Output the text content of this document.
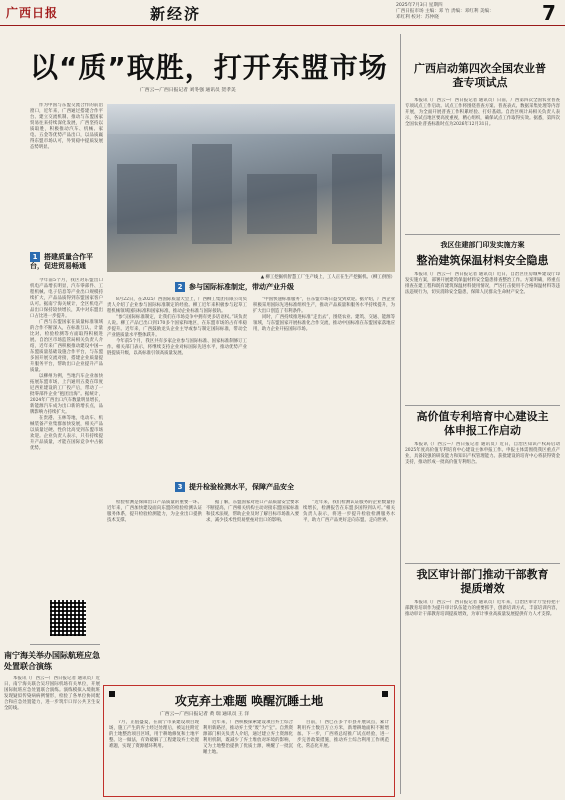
广西日报	新经济	2025年7月3日 星期四
广西日报市场 主编：邓 竹 责编：邓红利 美编：
邓红利 校对：苏仲晓	7
以“质”取胜，打开东盟市场
广西云—广西日报记者 刘冬强 通讯员 贺孝美

作为中国与东盟交流合作的前沿窗口，近年来，广西通过搭建合作平台、建立交流机制、推动与东盟国家贸易往来持续深化发展，广西坚持以质取胜，积极推动汽车、机械、家电、五金等优势产品出口，以品质赢得东盟市场认可，外贸稳中提质发展态势明显。

▲ 柳工挖掘机智慧工厂生产线上，工人正在生产挖掘机。（柳工供图）
1 搭建质量合作平台，促进贸易畅通
2 参与国际标准制定，带动产业升级
3 提升检验检测水平，保障产品安全

今年前5个月，我区对东盟出口机电产品增长明显，汽车零部件、工程机械、电子信息等产业出口规模持续扩大，产品品质得到东盟国家客户认可。据南宁海关统计，全区机电产品出口保持较快增长，其中对东盟出口占比进一步提升。

广西与东盟国家在质量标准领域的合作不断深入，在标准互认、计量比对、检验检测等方面取得积极进展。自治区市场监管局相关负责人介绍，近年来广西积极推动建设中国—东盟质量基础设施合作平台，与东盟多国开展交流对接，搭建企业质量提升服务平台，帮助出口企业提升产品质量。

以柳州为例，当地汽车企业加快拓展东盟市场，上汽通用五菱在印度尼西亚建设的工厂投产后，带动了一批零部件企业“抱团出海”。据统计，2024年广西出口汽车数量明显增长，新能源汽车成为出口新的增长点，品牌影响力持续扩大。

在贵港、玉林等地，电动车、机械装备产业集群加快发展，相关产品以质量过硬、性价比高受到东盟市场欢迎。企业负责人表示，只有持续提升产品质量，才能在国际竞争中占据优势。

8月22日，在2025广西国际质量大会上，广西柳工集团有限公司负责人介绍了企业参与国际标准制定的经验。柳工近年来积极参与起草工程机械领域国际标准和国家标准，推动企业标准与国际接轨。

“参与国际标准制定，让我们在市场竞争中拥有更多话语权。”该负责人说。柳工产品已出口到170多个国家和地区，在东盟市场的占有率稳步提升。近年来，广西鼓励龙头企业主导或参与制定国际标准，带动全产业链质量水平整体跃升。

今年前5个月，我区共有多家企业参与国际标准、国家标准制修订工作。相关部门表示，将继续支持企业对标国际先进水平，推动优势产业链提质升级，以高标准引领高质量发展。

“中国快递标准服务”，在东盟市场日益受到欢迎。据介绍，广西企业积极采用国际先进标准组织生产，推动产品质量和服务水平持续提升，为扩大出口创造了有利条件。

同时，广西持续推进标准“走出去”，围绕农业、建筑、交通、能源等领域，与东盟国家开展标准化合作交流，推动中国标准在东盟国家落地应用，助力企业开拓国际市场。

检验检测是保障出口产品质量的重要一环。近年来，广西加快建设面向东盟的检验检测认证服务体系，提升检验检测能力，为企业出口提供技术支撑。

据了解，东盟国家对进口产品质量安全要求不断提高，广西相关机构主动对接东盟国家标准和技术法规，帮助企业及时了解目标市场准入要求，减少技术性贸易壁垒对出口的影响。

“近年来，我们检测认证服务的企业数量持续增长，检测报告在东盟多国得到认可。”相关负责人表示，将进一步提升检验检测服务水平，助力广西产品更好走向东盟、走向世界。

广西启动第四次全国农业普查专项试点

本报讯（广西云—广西日报记者 通讯员）日前，广西第四次全国农业普查专项试点工作启动。试点工作将围绕普查方案、普查表式、数据采集处理等内容开展，为全面开展普查工作积累经验、打好基础。自治区统计局相关负责人表示，各试点地区要高度重视，精心组织，确保试点工作取得实效。据悉，第四次全国农业普查标准时点为2026年12月31日。

我区住建部门印发实施方案
整治建筑保温材料安全隐患

本报讯（广西云—广西日报记者 通讯员）近日，自治区住房城乡建设厅印发实施方案，部署开展建筑保温材料安全隐患排查整治工作。方案明确，将重点排查在建工程和既有建筑保温材料使用情况，严厉打击使用不合格保温材料等违法违规行为，切实消除安全隐患，保障人民群众生命财产安全。

高价值专利培育中心建设主体申报工作启动

本报讯（广西云—广西日报记者 通讯员）近日，自治区知识产权局启动2025年度高价值专利培育中心建设主体申报工作。申报主体需围绕我区重点产业，具备较强的研发能力和知识产权管理能力。获批建设的培育中心将获得资金支持，推动形成一批高价值专利组合。

我区审计部门推动干部教育提质增效

本报讯（广西云—广西日报记者 通讯员）近年来，自治区审计厅坚持把干部教育培训作为提升审计队伍能力的重要抓手，创新培训方式，丰富培训内容，推动审计干部教育培训提质增效，为审计事业高质量发展提供有力人才支撑。

南宁海关举办国际航班应急处置联合演练

本报讯（广西云—广西日报记者 通讯员）近日，南宁海关联合吴圩国际机场有关单位，开展国际航班应急处置联合演练。演练模拟入境航班发现疑似传染病病例情形，检验了各单位协同配合和应急处置能力，进一步筑牢口岸公共卫生安全防线。

攻克弃土难题 唤醒沉睡土地
广西云—广西日报记者 黄 瑞 通讯员 王 洋

7月，正值盛夏，在南宁市某建设项目现场，施工产生的弃土经过处理后，被运往附近的土地整治项目区域，用于耕地修复和土地平整。这一做法，有效破解了工程建设弃土处置难题，实现了资源循环利用。

近年来，广西积极探索建设项目弃土综合利用新路径，推动弃土变“废”为“宝”。自然资源部门相关负责人介绍，通过建立弃土资源化利用机制，既减少了弃土堆放对环境的影响，又为土地整治提供了优质土源，唤醒了一批沉睡土地。

目前，广西已在多个市县开展试点，累计利用弃土数百万立方米，新增耕地面积不断增加。下一步，广西将总结推广试点经验，进一步完善政策措施，推动弃土综合利用工作规范化、常态化开展。
